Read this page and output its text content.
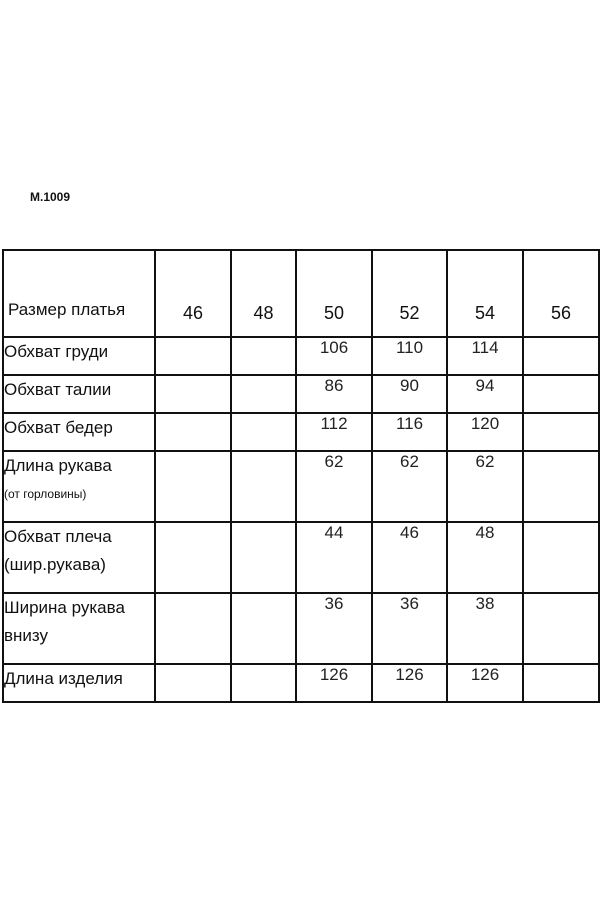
М.1009
Размер платья	46	48	50	52	54	56

Обхват груди			106	110	114	

Обхват талии			86	90	94	

Обхват бедер			112	116	120	

Длина рукава
(от горловины)			62	62	62	

Обхват плеча
(шир.рукава)			44	46	48	

Ширина рукава
внизу			36	36	38	

Длина изделия			126	126	126	
